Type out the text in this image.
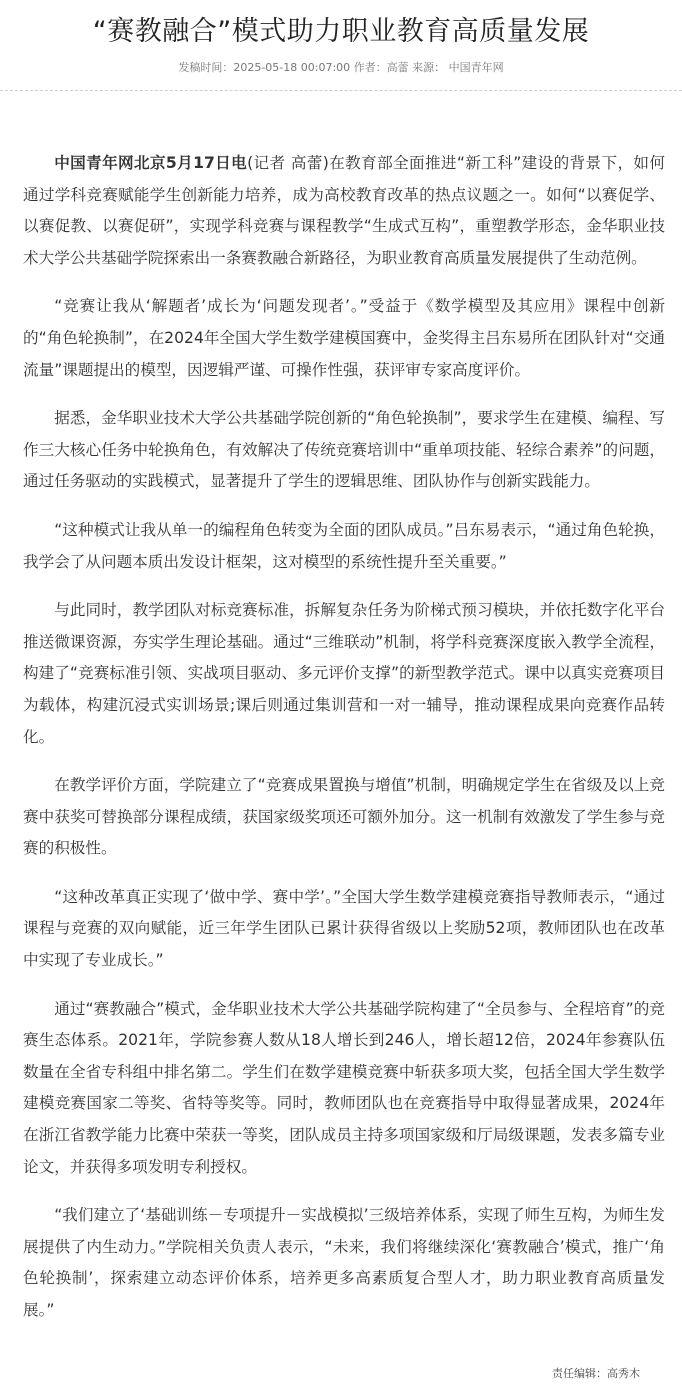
“赛教融合”模式助力职业教育高质量发展
发稿时间：2025-05-18 00:07:00 作者：高蕾 来源： 中国青年网

中国青年网北京5月17日电(记者 高蕾)在教育部全面推进“新工科”建设的背景下，如何通过学科竞赛赋能学生创新能力培养，成为高校教育改革的热点议题之一。如何“以赛促学、以赛促教、以赛促研”，实现学科竞赛与课程教学“生成式互构”，重塑教学形态，金华职业技术大学公共基础学院探索出一条赛教融合新路径，为职业教育高质量发展提供了生动范例。

“竞赛让我从‘解题者’成长为‘问题发现者’。”受益于《数学模型及其应用》课程中创新的“角色轮换制”，在2024年全国大学生数学建模国赛中，金奖得主吕东易所在团队针对“交通流量”课题提出的模型，因逻辑严谨、可操作性强，获评审专家高度评价。

据悉，金华职业技术大学公共基础学院创新的“角色轮换制”，要求学生在建模、编程、写作三大核心任务中轮换角色，有效解决了传统竞赛培训中“重单项技能、轻综合素养”的问题，通过任务驱动的实践模式，显著提升了学生的逻辑思维、团队协作与创新实践能力。

“这种模式让我从单一的编程角色转变为全面的团队成员。”吕东易表示，“通过角色轮换，我学会了从问题本质出发设计框架，这对模型的系统性提升至关重要。”

与此同时，教学团队对标竞赛标准，拆解复杂任务为阶梯式预习模块，并依托数字化平台推送微课资源，夯实学生理论基础。通过“三维联动”机制，将学科竞赛深度嵌入教学全流程，构建了“竞赛标准引领、实战项目驱动、多元评价支撑”的新型教学范式。课中以真实竞赛项目为载体，构建沉浸式实训场景;课后则通过集训营和一对一辅导，推动课程成果向竞赛作品转化。

在教学评价方面，学院建立了“竞赛成果置换与增值”机制，明确规定学生在省级及以上竞赛中获奖可替换部分课程成绩，获国家级奖项还可额外加分。这一机制有效激发了学生参与竞赛的积极性。

“这种改革真正实现了‘做中学、赛中学’。”全国大学生数学建模竞赛指导教师表示，“通过课程与竞赛的双向赋能，近三年学生团队已累计获得省级以上奖励52项，教师团队也在改革中实现了专业成长。”

通过“赛教融合”模式，金华职业技术大学公共基础学院构建了“全员参与、全程培育”的竞赛生态体系。2021年，学院参赛人数从18人增长到246人，增长超12倍，2024年参赛队伍数量在全省专科组中排名第二。学生们在数学建模竞赛中斩获多项大奖，包括全国大学生数学建模竞赛国家二等奖、省特等奖等。同时，教师团队也在竞赛指导中取得显著成果，2024年在浙江省教学能力比赛中荣获一等奖，团队成员主持多项国家级和厅局级课题，发表多篇专业论文，并获得多项发明专利授权。

“我们建立了‘基础训练－专项提升－实战模拟’三级培养体系，实现了师生互构，为师生发展提供了内生动力。”学院相关负责人表示，“未来，我们将继续深化‘赛教融合’模式，推广‘角色轮换制’，探索建立动态评价体系，培养更多高素质复合型人才，助力职业教育高质量发展。”

责任编辑：高秀木
